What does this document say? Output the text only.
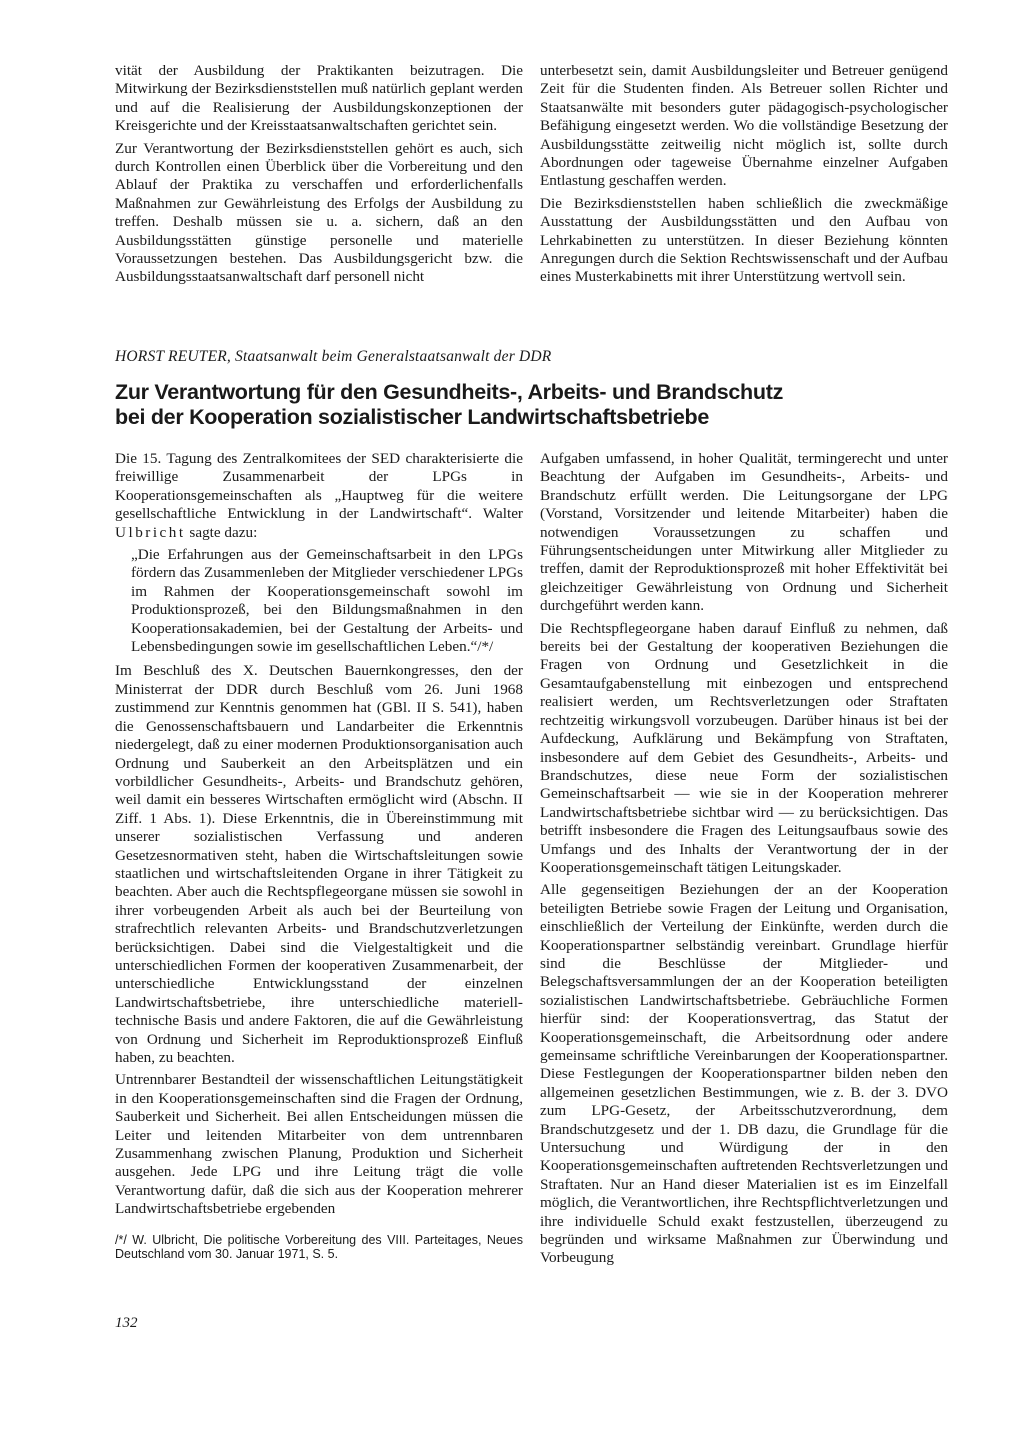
vität der Ausbildung der Praktikanten beizutragen. Die Mitwirkung der Bezirksdienststellen muß natürlich geplant werden und auf die Realisierung der Ausbildungskonzeptionen der Kreisgerichte und der Kreisstaatsanwaltschaften gerichtet sein.

Zur Verantwortung der Bezirksdienststellen gehört es auch, sich durch Kontrollen einen Überblick über die Vorbereitung und den Ablauf der Praktika zu verschaffen und erforderlichenfalls Maßnahmen zur Gewährleistung des Erfolgs der Ausbildung zu treffen. Deshalb müssen sie u. a. sichern, daß an den Ausbildungsstätten günstige personelle und materielle Voraussetzungen bestehen. Das Ausbildungsgericht bzw. die Ausbildungsstaatsanwaltschaft darf personell nicht

unterbesetzt sein, damit Ausbildungsleiter und Betreuer genügend Zeit für die Studenten finden. Als Betreuer sollen Richter und Staatsanwälte mit besonders guter pädagogisch-psychologischer Befähigung eingesetzt werden. Wo die vollständige Besetzung der Ausbildungsstätte zeitweilig nicht möglich ist, sollte durch Abordnungen oder tageweise Übernahme einzelner Aufgaben Entlastung geschaffen werden.

Die Bezirksdienststellen haben schließlich die zweckmäßige Ausstattung der Ausbildungsstätten und den Aufbau von Lehrkabinetten zu unterstützen. In dieser Beziehung könnten Anregungen durch die Sektion Rechtswissenschaft und der Aufbau eines Musterkabinetts mit ihrer Unterstützung wertvoll sein.

HORST REUTER, Staatsanwalt beim Generalstaatsanwalt der DDR
Zur Verantwortung für den Gesundheits-, Arbeits- und Brandschutz
bei der Kooperation sozialistischer Landwirtschaftsbetriebe

Die 15. Tagung des Zentralkomitees der SED charakterisierte die freiwillige Zusammenarbeit der LPGs in Kooperationsgemeinschaften als „Hauptweg für die weitere gesellschaftliche Entwicklung in der Landwirtschaft“. Walter Ulbricht sagte dazu:

„Die Erfahrungen aus der Gemeinschaftsarbeit in den LPGs fördern das Zusammenleben der Mitglieder verschiedener LPGs im Rahmen der Kooperationsgemeinschaft sowohl im Produktionsprozeß, bei den Bildungsmaßnahmen in den Kooperationsakademien, bei der Gestaltung der Arbeits- und Lebensbedingungen sowie im gesellschaftlichen Leben.“/*/

Im Beschluß des X. Deutschen Bauernkongresses, den der Ministerrat der DDR durch Beschluß vom 26. Juni 1968 zustimmend zur Kenntnis genommen hat (GBl. II S. 541), haben die Genossenschaftsbauern und Landarbeiter die Erkenntnis niedergelegt, daß zu einer modernen Produktionsorganisation auch Ordnung und Sauberkeit an den Arbeitsplätzen und ein vorbildlicher Gesundheits-, Arbeits- und Brandschutz gehören, weil damit ein besseres Wirtschaften ermöglicht wird (Abschn. II Ziff. 1 Abs. 1). Diese Erkenntnis, die in Übereinstimmung mit unserer sozialistischen Verfassung und anderen Gesetzesnormativen steht, haben die Wirtschaftsleitungen sowie staatlichen und wirtschaftsleitenden Organe in ihrer Tätigkeit zu beachten. Aber auch die Rechtspflegeorgane müssen sie sowohl in ihrer vorbeugenden Arbeit als auch bei der Beurteilung von strafrechtlich relevanten Arbeits- und Brandschutzverletzungen berücksichtigen. Dabei sind die Vielgestaltigkeit und die unterschiedlichen Formen der kooperativen Zusammenarbeit, der unterschiedliche Entwicklungsstand der einzelnen Landwirtschaftsbetriebe, ihre unterschiedliche materiell-technische Basis und andere Faktoren, die auf die Gewährleistung von Ordnung und Sicherheit im Reproduktionsprozeß Einfluß haben, zu beachten.

Untrennbarer Bestandteil der wissenschaftlichen Leitungstätigkeit in den Kooperationsgemeinschaften sind die Fragen der Ordnung, Sauberkeit und Sicherheit. Bei allen Entscheidungen müssen die Leiter und leitenden Mitarbeiter von dem untrennbaren Zusammenhang zwischen Planung, Produktion und Sicherheit ausgehen. Jede LPG und ihre Leitung trägt die volle Verantwortung dafür, daß die sich aus der Kooperation mehrerer Landwirtschaftsbetriebe ergebenden

/*/ W. Ulbricht, Die politische Vorbereitung des VIII. Parteitages, Neues Deutschland vom 30. Januar 1971, S. 5.

Aufgaben umfassend, in hoher Qualität, termingerecht und unter Beachtung der Aufgaben im Gesundheits-, Arbeits- und Brandschutz erfüllt werden. Die Leitungsorgane der LPG (Vorstand, Vorsitzender und leitende Mitarbeiter) haben die notwendigen Voraussetzungen zu schaffen und Führungsentscheidungen unter Mitwirkung aller Mitglieder zu treffen, damit der Reproduktionsprozeß mit hoher Effektivität bei gleichzeitiger Gewährleistung von Ordnung und Sicherheit durchgeführt werden kann.

Die Rechtspflegeorgane haben darauf Einfluß zu nehmen, daß bereits bei der Gestaltung der kooperativen Beziehungen die Fragen von Ordnung und Gesetzlichkeit in die Gesamtaufgabenstellung mit einbezogen und entsprechend realisiert werden, um Rechtsverletzungen oder Straftaten rechtzeitig wirkungsvoll vorzubeugen. Darüber hinaus ist bei der Aufdeckung, Aufklärung und Bekämpfung von Straftaten, insbesondere auf dem Gebiet des Gesundheits-, Arbeits- und Brandschutzes, diese neue Form der sozialistischen Gemeinschaftsarbeit — wie sie in der Kooperation mehrerer Landwirtschaftsbetriebe sichtbar wird — zu berücksichtigen. Das betrifft insbesondere die Fragen des Leitungsaufbaus sowie des Umfangs und des Inhalts der Verantwortung der in der Kooperationsgemeinschaft tätigen Leitungskader.

Alle gegenseitigen Beziehungen der an der Kooperation beteiligten Betriebe sowie Fragen der Leitung und Organisation, einschließlich der Verteilung der Einkünfte, werden durch die Kooperationspartner selbständig vereinbart. Grundlage hierfür sind die Beschlüsse der Mitglieder- und Belegschaftsversammlungen der an der Kooperation beteiligten sozialistischen Landwirtschaftsbetriebe. Gebräuchliche Formen hierfür sind: der Kooperationsvertrag, das Statut der Kooperationsgemeinschaft, die Arbeitsordnung oder andere gemeinsame schriftliche Vereinbarungen der Kooperationspartner. Diese Festlegungen der Kooperationspartner bilden neben den allgemeinen gesetzlichen Bestimmungen, wie z. B. der 3. DVO zum LPG-Gesetz, der Arbeitsschutzverordnung, dem Brandschutzgesetz und der 1. DB dazu, die Grundlage für die Untersuchung und Würdigung der in den Kooperationsgemeinschaften auftretenden Rechtsverletzungen und Straftaten. Nur an Hand dieser Materialien ist es im Einzelfall möglich, die Verantwortlichen, ihre Rechtspflichtverletzungen und ihre individuelle Schuld exakt festzustellen, überzeugend zu begründen und wirksame Maßnahmen zur Überwindung und Vorbeugung

132
